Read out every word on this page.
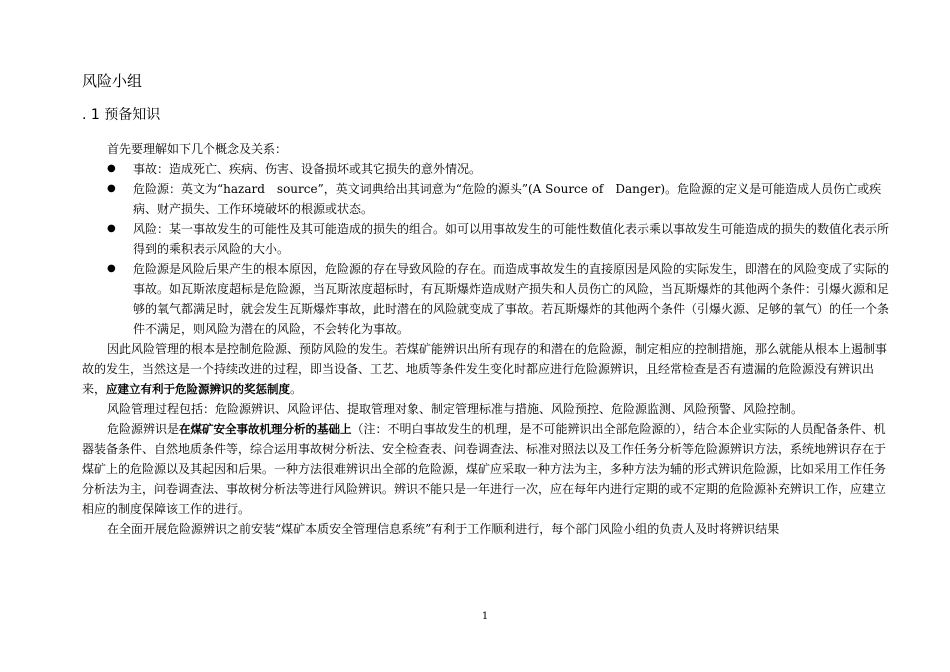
风险小组
. 1 预备知识
首先要理解如下几个概念及关系：
● 事故：造成死亡、疾病、伤害、设备损坏或其它损失的意外情况。
● 危险源：英文为“hazard　source”，英文词典给出其词意为“危险的源头”(A Source of　Danger)。危险源的定义是可能造成人员伤亡或疾病、财产损失、工作环境破坏的根源或状态。
● 风险：某一事故发生的可能性及其可能造成的损失的组合。如可以用事故发生的可能性数值化表示乘以事故发生可能造成的损失的数值化表示所得到的乘积表示风险的大小。
● 危险源是风险后果产生的根本原因，危险源的存在导致风险的存在。而造成事故发生的直接原因是风险的实际发生，即潜在的风险变成了实际的事故。如瓦斯浓度超标是危险源，当瓦斯浓度超标时，有瓦斯爆炸造成财产损失和人员伤亡的风险，当瓦斯爆炸的其他两个条件：引爆火源和足够的氧气都满足时，就会发生瓦斯爆炸事故，此时潜在的风险就变成了事故。若瓦斯爆炸的其他两个条件（引爆火源、足够的氧气）的任一个条件不满足，则风险为潜在的风险，不会转化为事故。
因此风险管理的根本是控制危险源、预防风险的发生。若煤矿能辨识出所有现存的和潜在的危险源，制定相应的控制措施，那么就能从根本上遏制事故的发生，当然这是一个持续改进的过程，即当设备、工艺、地质等条件发生变化时都应进行危险源辨识，且经常检查是否有遗漏的危险源没有辨识出来，应建立有利于危险源辨识的奖惩制度。
风险管理过程包括：危险源辨识、风险评估、提取管理对象、制定管理标准与措施、风险预控、危险源监测、风险预警、风险控制。
危险源辨识是在煤矿安全事故机理分析的基础上（注：不明白事故发生的机理，是不可能辨识出全部危险源的），结合本企业实际的人员配备条件、机器装备条件、自然地质条件等，综合运用事故树分析法、安全检查表、问卷调查法、标准对照法以及工作任务分析等危险源辨识方法，系统地辨识存在于煤矿上的危险源以及其起因和后果。一种方法很难辨识出全部的危险源，煤矿应采取一种方法为主，多种方法为辅的形式辨识危险源，比如采用工作任务分析法为主，问卷调查法、事故树分析法等进行风险辨识。辨识不能只是一年进行一次，应在每年内进行定期的或不定期的危险源补充辨识工作，应建立相应的制度保障该工作的进行。
在全面开展危险源辨识之前安装“煤矿本质安全管理信息系统”有利于工作顺利进行，每个部门风险小组的负责人及时将辨识结果
1
